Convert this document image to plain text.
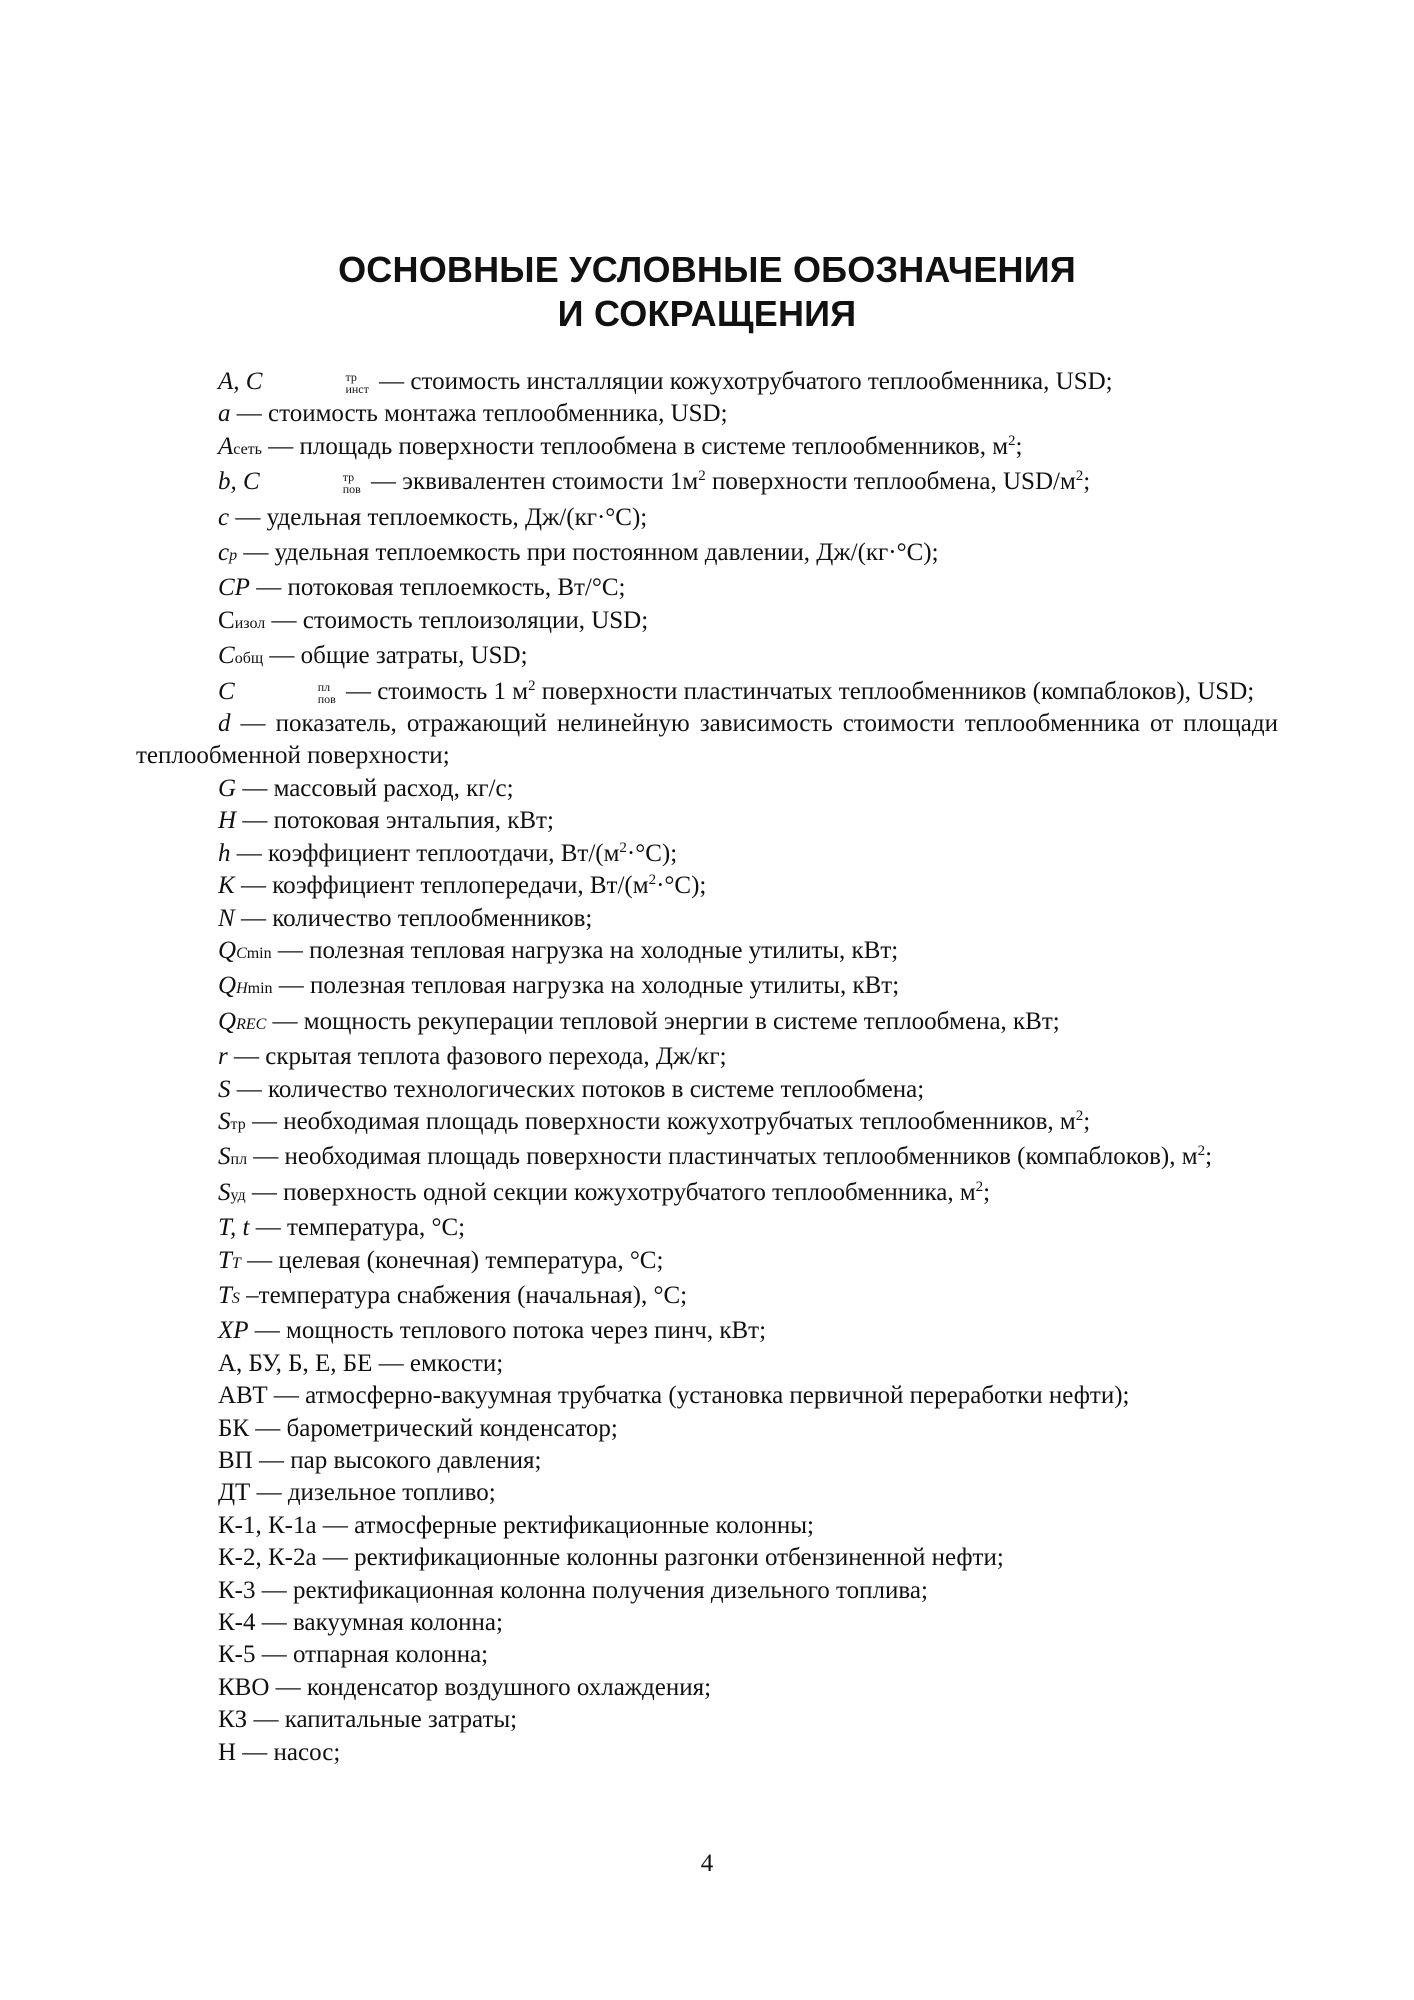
ОСНОВНЫЕ УСЛОВНЫЕ ОБОЗНАЧЕНИЯ
И СОКРАЩЕНИЯ

A, C	тр
инст — стоимость инсталляции кожухотрубчатого теплообменника, USD;

a — стоимость монтажа теплообменника, USD;

Aсеть — площадь поверхности теплообмена в системе теплообменников, $м^2$;

b, C	тр
пов — эквивалентен стоимости $1м^2$ поверхности теплообмена, USD/$м^2$;

c — удельная теплоемкость, Дж/(кг·°С);

cp — удельная теплоемкость при постоянном давлении, Дж/(кг·°С);

CP — потоковая теплоемкость, Вт/°С;

Cизол — стоимость теплоизоляции, USD;

Cобщ — общие затраты, USD;

C	пл
пов — стоимость 1 $м^2$ поверхности пластинчатых теплообменников (компаблоков), USD;

d — показатель, отражающий нелинейную зависимость стоимости теплообменника от площади теплообменной поверхности;

G — массовый расход, кг/с;

H — потоковая энтальпия, кВт;

h — коэффициент теплоотдачи, $Вт/(м^2\cdot^\circ С)$;

K — коэффициент теплопередачи, $Вт/(м^2\cdot^\circ С)$;

N — количество теплообменников;

QCmin — полезная тепловая нагрузка на холодные утилиты, кВт;

QHmin — полезная тепловая нагрузка на холодные утилиты, кВт;

QREC — мощность рекуперации тепловой энергии в системе теплообмена, кВт;

r — скрытая теплота фазового перехода, Дж/кг;

S — количество технологических потоков в системе теплообмена;

Sтр — необходимая площадь поверхности кожухотрубчатых теплообменников, $м^2$;

Sпл — необходимая площадь поверхности пластинчатых теплообменников (компаблоков), $м^2$;

Sуд — поверхность одной секции кожухотрубчатого теплообменника, $м^2$;

T, t — температура, °С;

TT — целевая (конечная) температура, °С;

TS –температура снабжения (начальная), °С;

XP — мощность теплового потока через пинч, кВт;

А, БУ, Б, Е, БЕ — емкости;

АВТ — атмосферно-вакуумная трубчатка (установка первичной переработки нефти);

БК — барометрический конденсатор;

ВП — пар высокого давления;

ДТ — дизельное топливо;

К-1, К-1а — атмосферные ректификационные колонны;

К-2, К-2а — ректификационные колонны разгонки отбензиненной нефти;

К-3 — ректификационная колонна получения дизельного топлива;

К-4 — вакуумная колонна;

К-5 — отпарная колонна;

КВО — конденсатор воздушного охлаждения;

КЗ — капитальные затраты;

Н — насос;

4
